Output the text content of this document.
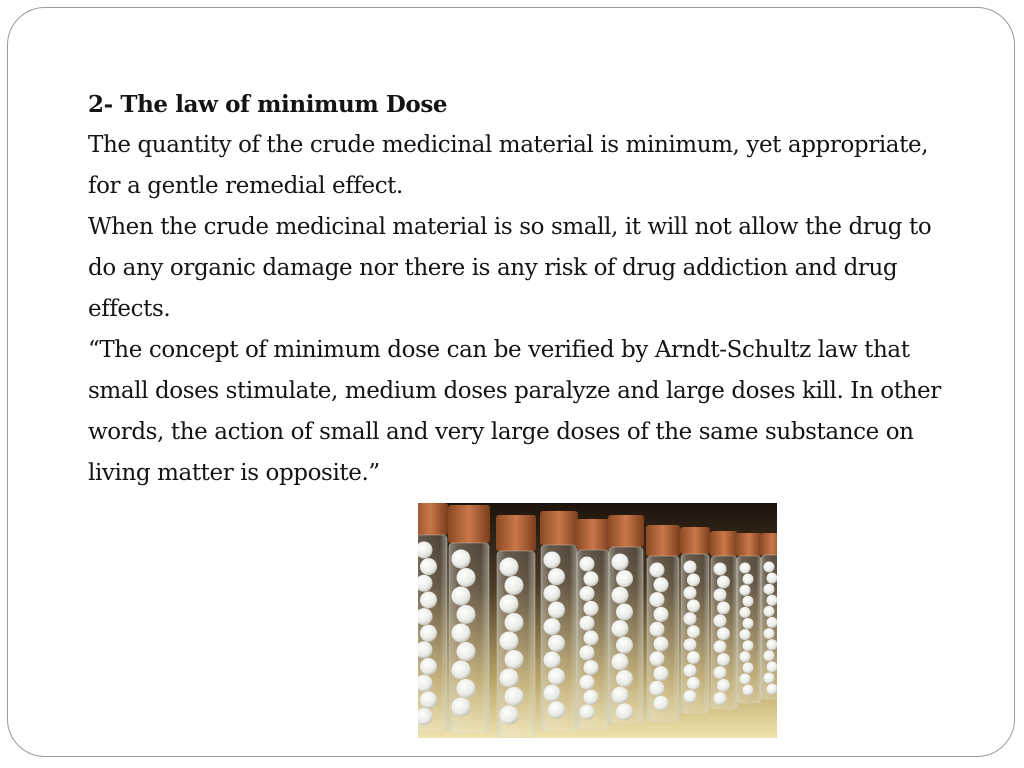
2- The law of minimum Dose

The quantity of the crude medicinal material is minimum, yet appropriate, for a gentle remedial effect.

When the crude medicinal material is so small, it will not allow the drug to do any organic damage nor there is any risk of drug addiction and drug effects.

“The concept of minimum dose can be verified by Arndt-Schultz law that small doses stimulate, medium doses paralyze and large doses kill. In other words, the action of small and very large doses of the same substance on living matter is opposite.”
